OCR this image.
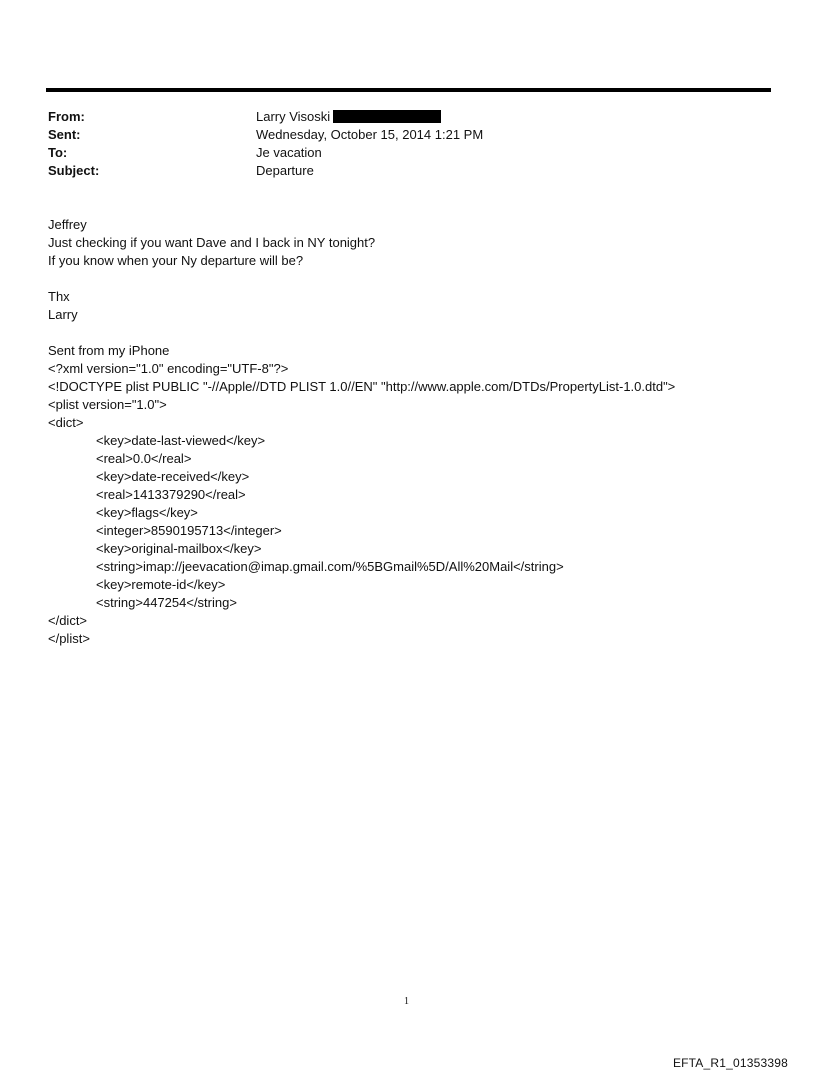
From:	Larry Visoski
Sent:	Wednesday, October 15, 2014 1:21 PM
To:	Je vacation
Subject:	Departure
Jeffrey
Just checking if you want Dave and I back in NY tonight?
If you know when your Ny departure will be?
Thx
Larry
Sent from my iPhone
<?xml version="1.0" encoding="UTF-8"?>
<!DOCTYPE plist PUBLIC "-//Apple//DTD PLIST 1.0//EN" "http://www.apple.com/DTDs/PropertyList-1.0.dtd">
<plist version="1.0">
<dict>
<key>date-last-viewed</key>
<real>0.0</real>
<key>date-received</key>
<real>1413379290</real>
<key>flags</key>
<integer>8590195713</integer>
<key>original-mailbox</key>
<string>imap://jeevacation@imap.gmail.com/%5BGmail%5D/All%20Mail</string>
<key>remote-id</key>
<string>447254</string>
</dict>
</plist>
1
EFTA_R1_01353398
